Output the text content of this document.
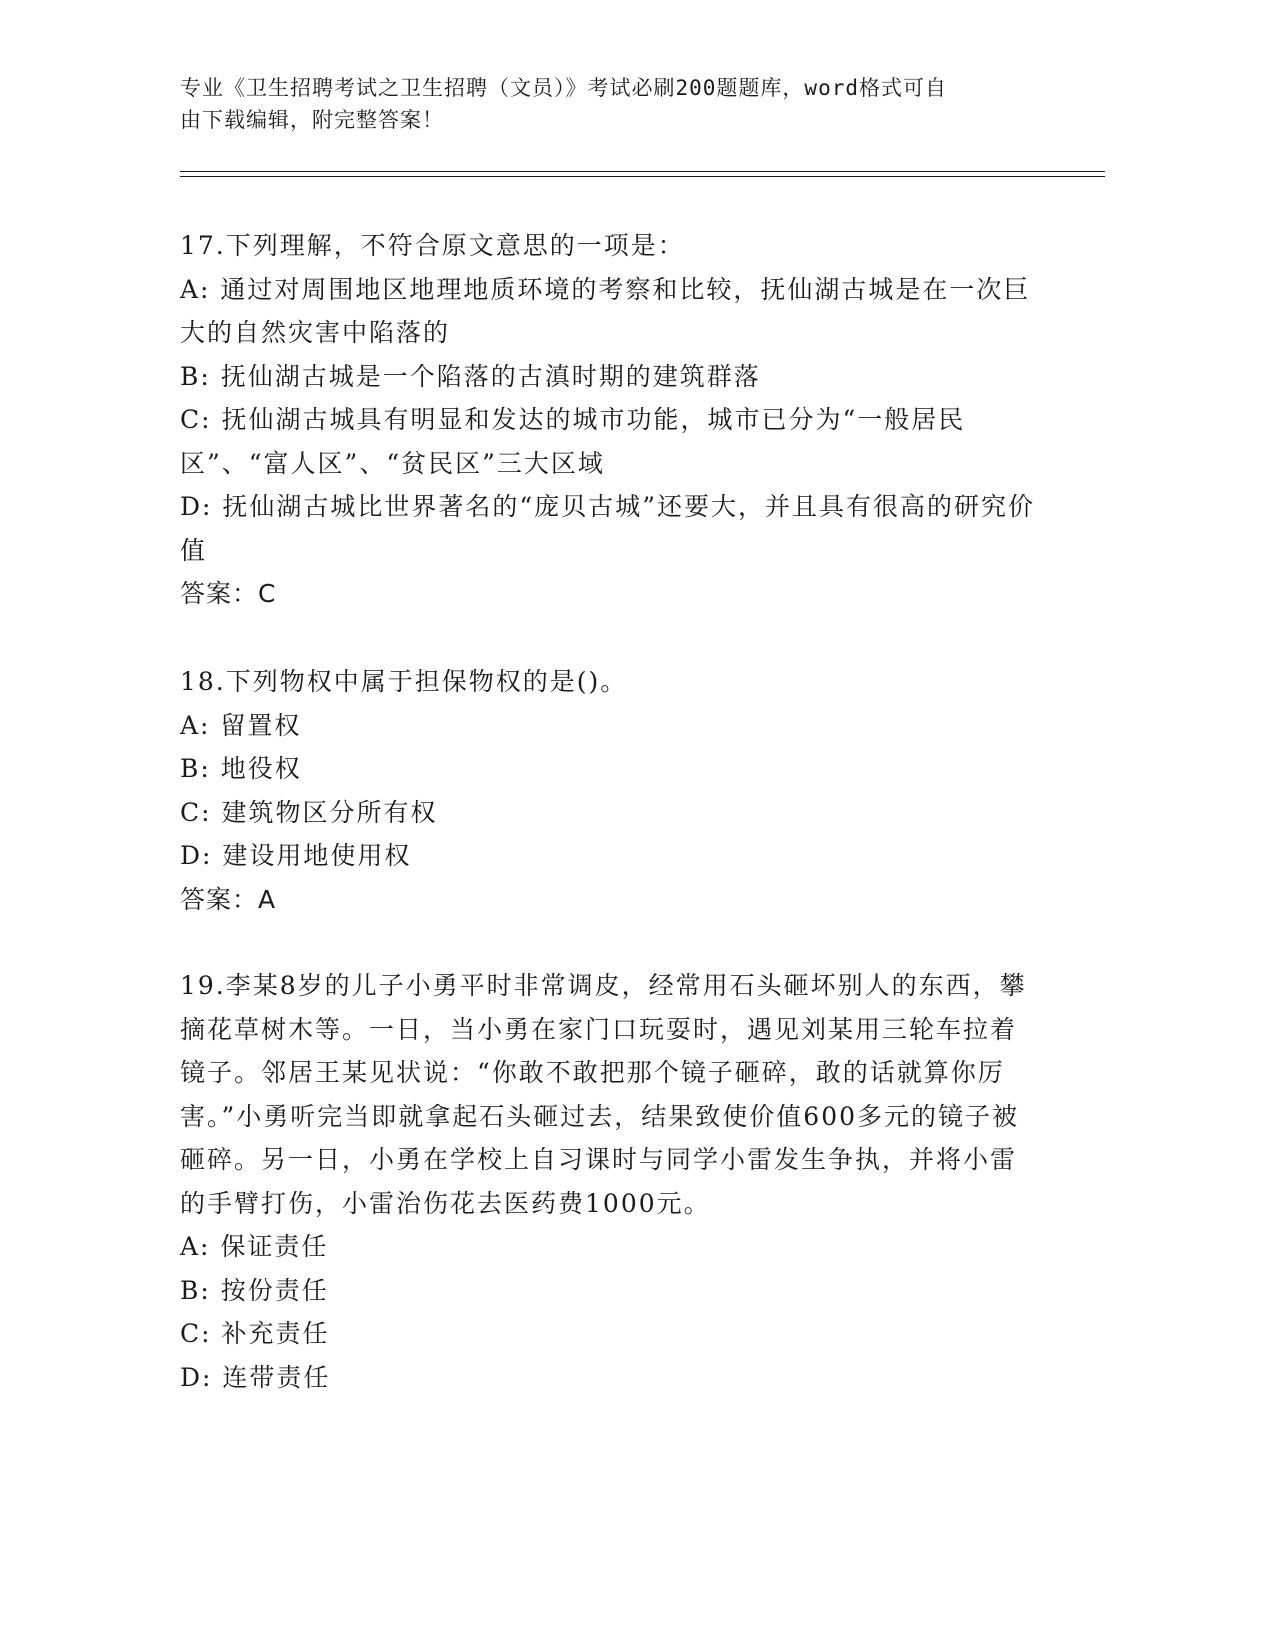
专业《卫生招聘考试之卫生招聘（文员）》考试必刷200题题库，word格式可自
由下载编辑，附完整答案！

17.下列理解，不符合原文意思的一项是：

A: 通过对周围地区地理地质环境的考察和比较，抚仙湖古城是在一次巨大的自然灾害中陷落的

B: 抚仙湖古城是一个陷落的古滇时期的建筑群落

C: 抚仙湖古城具有明显和发达的城市功能，城市已分为“一般居民区”、“富人区”、“贫民区”三大区域

D: 抚仙湖古城比世界著名的“庞贝古城”还要大，并且具有很高的研究价值

答案：C

18.下列物权中属于担保物权的是()。

A: 留置权

B: 地役权

C: 建筑物区分所有权

D: 建设用地使用权

答案：A

19.李某8岁的儿子小勇平时非常调皮，经常用石头砸坏别人的东西，攀摘花草树木等。一日，当小勇在家门口玩耍时，遇见刘某用三轮车拉着镜子。邻居王某见状说：“你敢不敢把那个镜子砸碎，敢的话就算你厉害。”小勇听完当即就拿起石头砸过去，结果致使价值600多元的镜子被砸碎。另一日，小勇在学校上自习课时与同学小雷发生争执，并将小雷的手臂打伤，小雷治伤花去医药费1000元。

A: 保证责任

B: 按份责任

C: 补充责任

D: 连带责任
